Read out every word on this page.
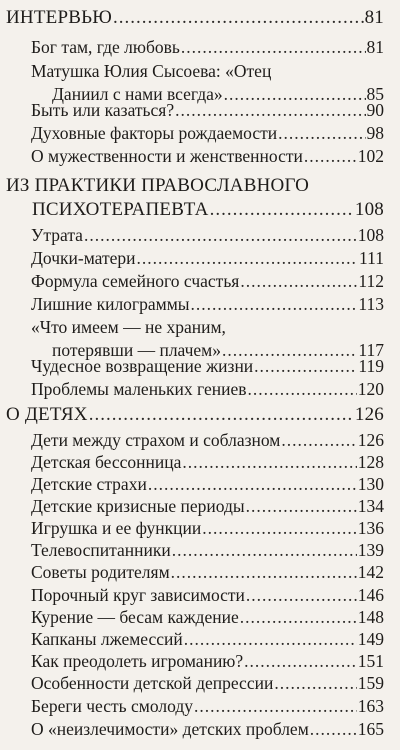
ИНТЕРВЬЮ .....	81
Бог там, где любовь .....	81
Матушка Юлия Сысоева: «Отец
Даниил с нами всегда» .....	85
Быть или казаться? .....	90
Духовные факторы рождаемости .....	98
О мужественности и женственности .....	102
ИЗ ПРАКТИКИ ПРАВОСЛАВНОГО
ПСИХОТЕРАПЕВТА .....	108
Утрата .....	108
Дочки-матери .....	111
Формула семейного счастья .....	112
Лишние килограммы .....	113
«Что имеем — не храним,
потерявши — плачем» .....	117
Чудесное возвращение жизни .....	119
Проблемы маленьких гениев .....	120
О ДЕТЯХ .....	126
Дети между страхом и соблазном .....	126
Детская бессонница .....	128
Детские страхи .....	130
Детские кризисные периоды .....	134
Игрушка и ее функции .....	136
Телевоспитанники .....	139
Советы родителям .....	142
Порочный круг зависимости .....	146
Курение — бесам каждение .....	148
Капканы лжемессий .....	149
Как преодолеть игроманию? .....	151
Особенности детской депрессии .....	159
Береги честь смолоду .....	163
О «неизлечимости» детских проблем .....	165
